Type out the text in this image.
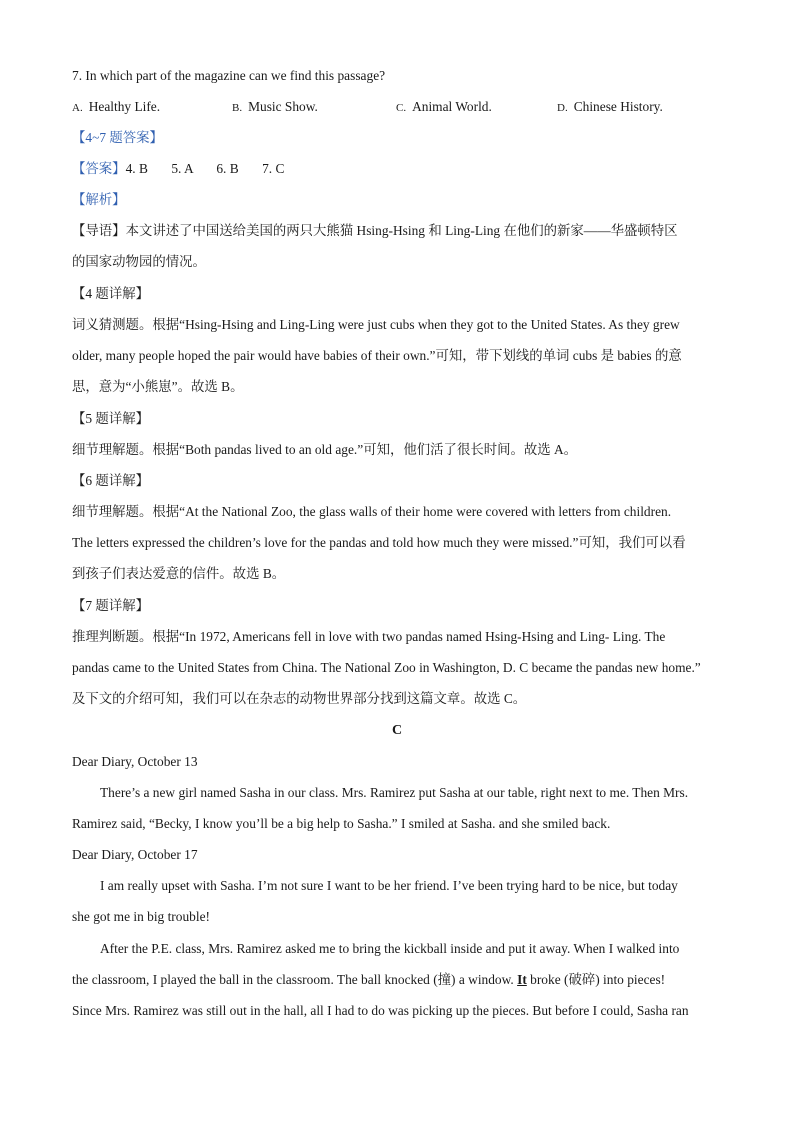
7. In which part of the magazine can we find this passage?
A. Healthy Life.	B. Music Show.	C. Animal World.	D. Chinese History.
【4~7 题答案】
【答案】4. B       5. A       6. B       7. C
【解析】
【导语】本文讲述了中国送给美国的两只大熊猫 Hsing-Hsing 和 Ling-Ling 在他们的新家——华盛顿特区
的国家动物园的情况。
【4 题详解】
词义猜测题。根据“Hsing-Hsing and Ling-Ling were just cubs when they got to the United States. As they grew
older, many people hoped the pair would have babies of their own.”可知，带下划线的单词 cubs 是 babies 的意
思，意为“小熊崽”。故选 B。
【5 题详解】
细节理解题。根据“Both pandas lived to an old age.”可知，他们活了很长时间。故选 A。
【6 题详解】
细节理解题。根据“At the National Zoo, the glass walls of their home were covered with letters from children.
The letters expressed the children’s love for the pandas and told how much they were missed.”可知，我们可以看
到孩子们表达爱意的信件。故选 B。
【7 题详解】
推理判断题。根据“In 1972, Americans fell in love with two pandas named Hsing-Hsing and Ling- Ling. The
pandas came to the United States from China. The National Zoo in Washington, D. C became the pandas new home.”
及下文的介绍可知，我们可以在杂志的动物世界部分找到这篇文章。故选 C。
C
Dear Diary, October 13
There’s a new girl named Sasha in our class. Mrs. Ramirez put Sasha at our table, right next to me. Then Mrs.
Ramirez said, “Becky, I know you’ll be a big help to Sasha.” I smiled at Sasha. and she smiled back.
Dear Diary, October 17
I am really upset with Sasha. I’m not sure I want to be her friend. I’ve been trying hard to be nice, but today
she got me in big trouble!
After the P.E. class, Mrs. Ramirez asked me to bring the kickball inside and put it away. When I walked into
the classroom, I played the ball in the classroom. The ball knocked (撞) a window. It broke (破碎) into pieces!
Since Mrs. Ramirez was still out in the hall, all I had to do was picking up the pieces. But before I could, Sasha ran
